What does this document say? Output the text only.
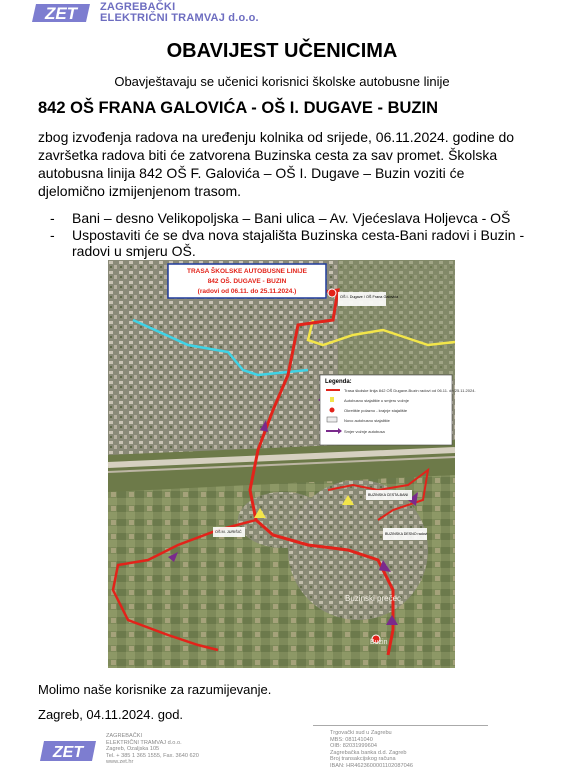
ZET ZAGREBAČKI
ELEKTRIČNI TRAMVAJ d.o.o.
OBAVIJEST UČENICIMA
Obavještavaju se učenici korisnici školske autobusne linije
842 OŠ FRANA GALOVIĆA - OŠ I. DUGAVE - BUZIN
zbog izvođenja radova na uređenju kolnika od srijede, 06.11.2024. godine do završetka radova biti će zatvorena Buzinska cesta za sav promet. Školska autobusna linija 842 OŠ F. Galovića – OŠ I. Dugave – Buzin voziti će djelomično izmijenjenom trasom.
- Bani – desno Velikopoljska – Bani ulica – Av. Vjećeslava Holjevca - OŠ
- Uspostaviti će se dva nova stajališta Buzinska cesta-Bani radovi i Buzin - radovi u smjeru OŠ.
TRASA ŠKOLSKE AUTOBUSNE LINIJE
842 OŠ. DUGAVE - BUZIN
(radovi od 06.11. do 25.11.2024.)
Legenda:
Trasa školske linija 842 OŠ Dugave-Buzin radovi od 06.11. do 25.11.2024.
Autobusno stajalište u smjeru vožnje
Okretište polazno - krajnje stajalište
Novo autobusno stajalište
Smjer vožnje autobusa
OŠ I. Dugave / OŠ Frana Galovića
OŠ M. JURIŠIĆ
BUZINSKA CESTA-BANI
BUZINSKA DESNO radovi
Buzinski prečec
Buzin
Molimo naše korisnike za razumijevanje.
Zagreb, 04.11.2024. god.
ZET
ZAGREBAČKI
ELEKTRIČNI TRAMVAJ d.o.o.
Zagreb, Ozaljska 105
Tel. + 385 1 365 1555, Fax. 3640 620
www.zet.hr
Trgovački sud u Zagrebu
MBS: 081141040
OIB: 82031999604
Zagrebačka banka d.d. Zagreb
Broj transakcijskog računa
IBAN: HR4623600001102087046
